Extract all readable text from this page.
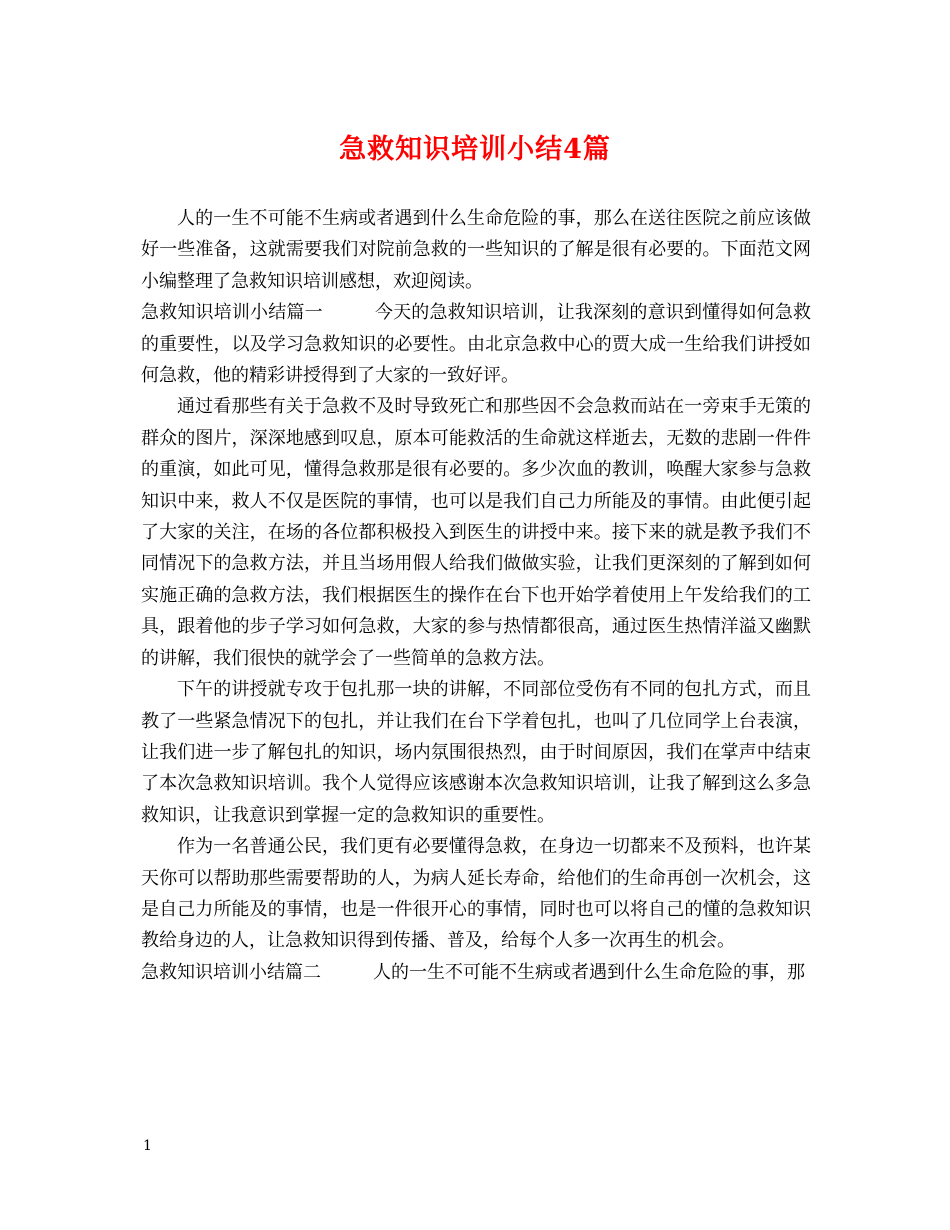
急救知识培训小结4篇

人的一生不可能不生病或者遇到什么生命危险的事，那么在送往医院之前应该做好一些准备，这就需要我们对院前急救的一些知识的了解是很有必要的。下面范文网小编整理了急救知识培训感想，欢迎阅读。

急救知识培训小结篇一	今天的急救知识培训，让我深刻的意识到懂得如何急救的重要性，以及学习急救知识的必要性。由北京急救中心的贾大成一生给我们讲授如何急救，他的精彩讲授得到了大家的一致好评。

通过看那些有关于急救不及时导致死亡和那些因不会急救而站在一旁束手无策的群众的图片，深深地感到叹息，原本可能救活的生命就这样逝去，无数的悲剧一件件的重演，如此可见，懂得急救那是很有必要的。多少次血的教训，唤醒大家参与急救知识中来，救人不仅是医院的事情，也可以是我们自己力所能及的事情。由此便引起了大家的关注，在场的各位都积极投入到医生的讲授中来。接下来的就是教予我们不同情况下的急救方法，并且当场用假人给我们做做实验，让我们更深刻的了解到如何实施正确的急救方法，我们根据医生的操作在台下也开始学着使用上午发给我们的工具，跟着他的步子学习如何急救，大家的参与热情都很高，通过医生热情洋溢又幽默的讲解，我们很快的就学会了一些简单的急救方法。

下午的讲授就专攻于包扎那一块的讲解，不同部位受伤有不同的包扎方式，而且教了一些紧急情况下的包扎，并让我们在台下学着包扎，也叫了几位同学上台表演，让我们进一步了解包扎的知识，场内氛围很热烈，由于时间原因，我们在掌声中结束了本次急救知识培训。我个人觉得应该感谢本次急救知识培训，让我了解到这么多急救知识，让我意识到掌握一定的急救知识的重要性。

作为一名普通公民，我们更有必要懂得急救，在身边一切都来不及预料，也许某天你可以帮助那些需要帮助的人，为病人延长寿命，给他们的生命再创一次机会，这是自己力所能及的事情，也是一件很开心的事情，同时也可以将自己的懂的急救知识教给身边的人，让急救知识得到传播、普及，给每个人多一次再生的机会。

急救知识培训小结篇二	人的一生不可能不生病或者遇到什么生命危险的事，那

1
